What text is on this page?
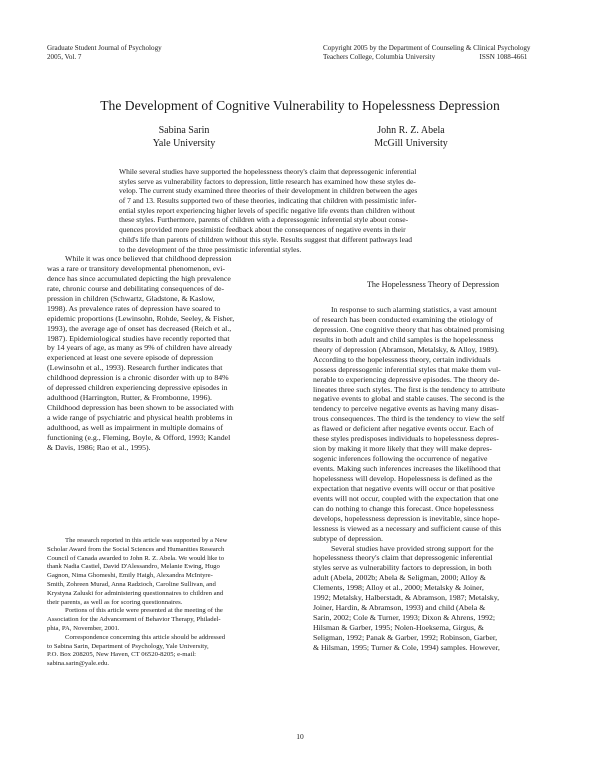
Graduate Student Journal of Psychology
2005, Vol. 7
Copyright 2005 by the Department of Counseling & Clinical Psychology
Teachers College, Columbia University                         ISSN 1088-4661
The Development of Cognitive Vulnerability to Hopelessness Depression
Sabina Sarin
Yale University
John R. Z. Abela
McGill University
While several studies have supported the hopelessness theory's claim that depressogenic inferential
styles serve as vulnerability factors to depression, little research has examined how these styles de-
velop. The current study examined three theories of their development in children between the ages
of 7 and 13. Results supported two of these theories, indicating that children with pessimistic infer-
ential styles report experiencing higher levels of specific negative life events than children without
these styles. Furthermore, parents of children with a depressogenic inferential style about conse-
quences provided more pessimistic feedback about the consequences of negative events in their
child's life than parents of children without this style. Results suggest that different pathways lead
to the development of the three pessimistic inferential styles.
While it was once believed that childhood depression
was a rare or transitory developmental phenomenon, evi-
dence has since accumulated depicting the high prevalence
rate, chronic course and debilitating consequences of de-
pression in children (Schwartz, Gladstone, & Kaslow,
1998). As prevalence rates of depression have soared to
epidemic proportions (Lewinsohn, Rohde, Seeley, & Fisher,
1993), the average age of onset has decreased (Reich et al.,
1987). Epidemiological studies have recently reported that
by 14 years of age, as many as 9% of children have already
experienced at least one severe episode of depression
(Lewinsohn et al., 1993). Research further indicates that
childhood depression is a chronic disorder with up to 84%
of depressed children experiencing depressive episodes in
adulthood (Harrington, Rutter, & Frombonne, 1996).
Childhood depression has been shown to be associated with
a wide range of psychiatric and physical health problems in
adulthood, as well as impairment in multiple domains of
functioning (e.g., Fleming, Boyle, & Offord, 1993; Kandel
& Davis, 1986; Rao et al., 1995).
The research reported in this article was supported by a New
Scholar Award from the Social Sciences and Humanities Research
Council of Canada awarded to John R. Z. Abela. We would like to
thank Nadia Castiel, David D'Alessandro, Melanie Ewing, Hugo
Gagnon, Nima Ghomeshi, Emily Haigh, Alexandra McIntyre-
Smith, Zohreen Murad, Anna Radzioch, Caroline Sullivan, and
Krystyna Zaluski for administering questionnaires to children and
their parents, as well as for scoring questionnaires.
Portions of this article were presented at the meeting of the
Association for the Advancement of Behavior Therapy, Philadel-
phia, PA, November, 2001.
Correspondence concerning this article should be addressed
to Sabina Sarin, Department of Psychology, Yale University,
P.O. Box 208205, New Haven, CT 06520-8205; e-mail:
sabina.sarin@yale.edu.
The Hopelessness Theory of Depression
In response to such alarming statistics, a vast amount
of research has been conducted examining the etiology of
depression. One cognitive theory that has obtained promising
results in both adult and child samples is the hopelessness
theory of depression (Abramson, Metalsky, & Alloy, 1989).
According to the hopelessness theory, certain individuals
possess depressogenic inferential styles that make them vul-
nerable to experiencing depressive episodes. The theory de-
lineates three such styles. The first is the tendency to attribute
negative events to global and stable causes. The second is the
tendency to perceive negative events as having many disas-
trous consequences. The third is the tendency to view the self
as flawed or deficient after negative events occur. Each of
these styles predisposes individuals to hopelessness depres-
sion by making it more likely that they will make depres-
sogenic inferences following the occurrence of negative
events. Making such inferences increases the likelihood that
hopelessness will develop. Hopelessness is defined as the
expectation that negative events will occur or that positive
events will not occur, coupled with the expectation that one
can do nothing to change this forecast. Once hopelessness
develops, hopelessness depression is inevitable, since hope-
lessness is viewed as a necessary and sufficient cause of this
subtype of depression.
Several studies have provided strong support for the
hopelessness theory's claim that depressogenic inferential
styles serve as vulnerability factors to depression, in both
adult (Abela, 2002b; Abela & Seligman, 2000; Alloy &
Clements, 1998; Alloy et al., 2000; Metalsky & Joiner,
1992; Metalsky, Halberstadt, & Abramson, 1987; Metalsky,
Joiner, Hardin, & Abramson, 1993) and child (Abela &
Sarin, 2002; Cole & Turner, 1993; Dixon & Ahrens, 1992;
Hilsman & Garber, 1995; Nolen-Hoeksema, Girgus, &
Seligman, 1992; Panak & Garber, 1992; Robinson, Garber,
& Hilsman, 1995; Turner & Cole, 1994) samples. However,
10
